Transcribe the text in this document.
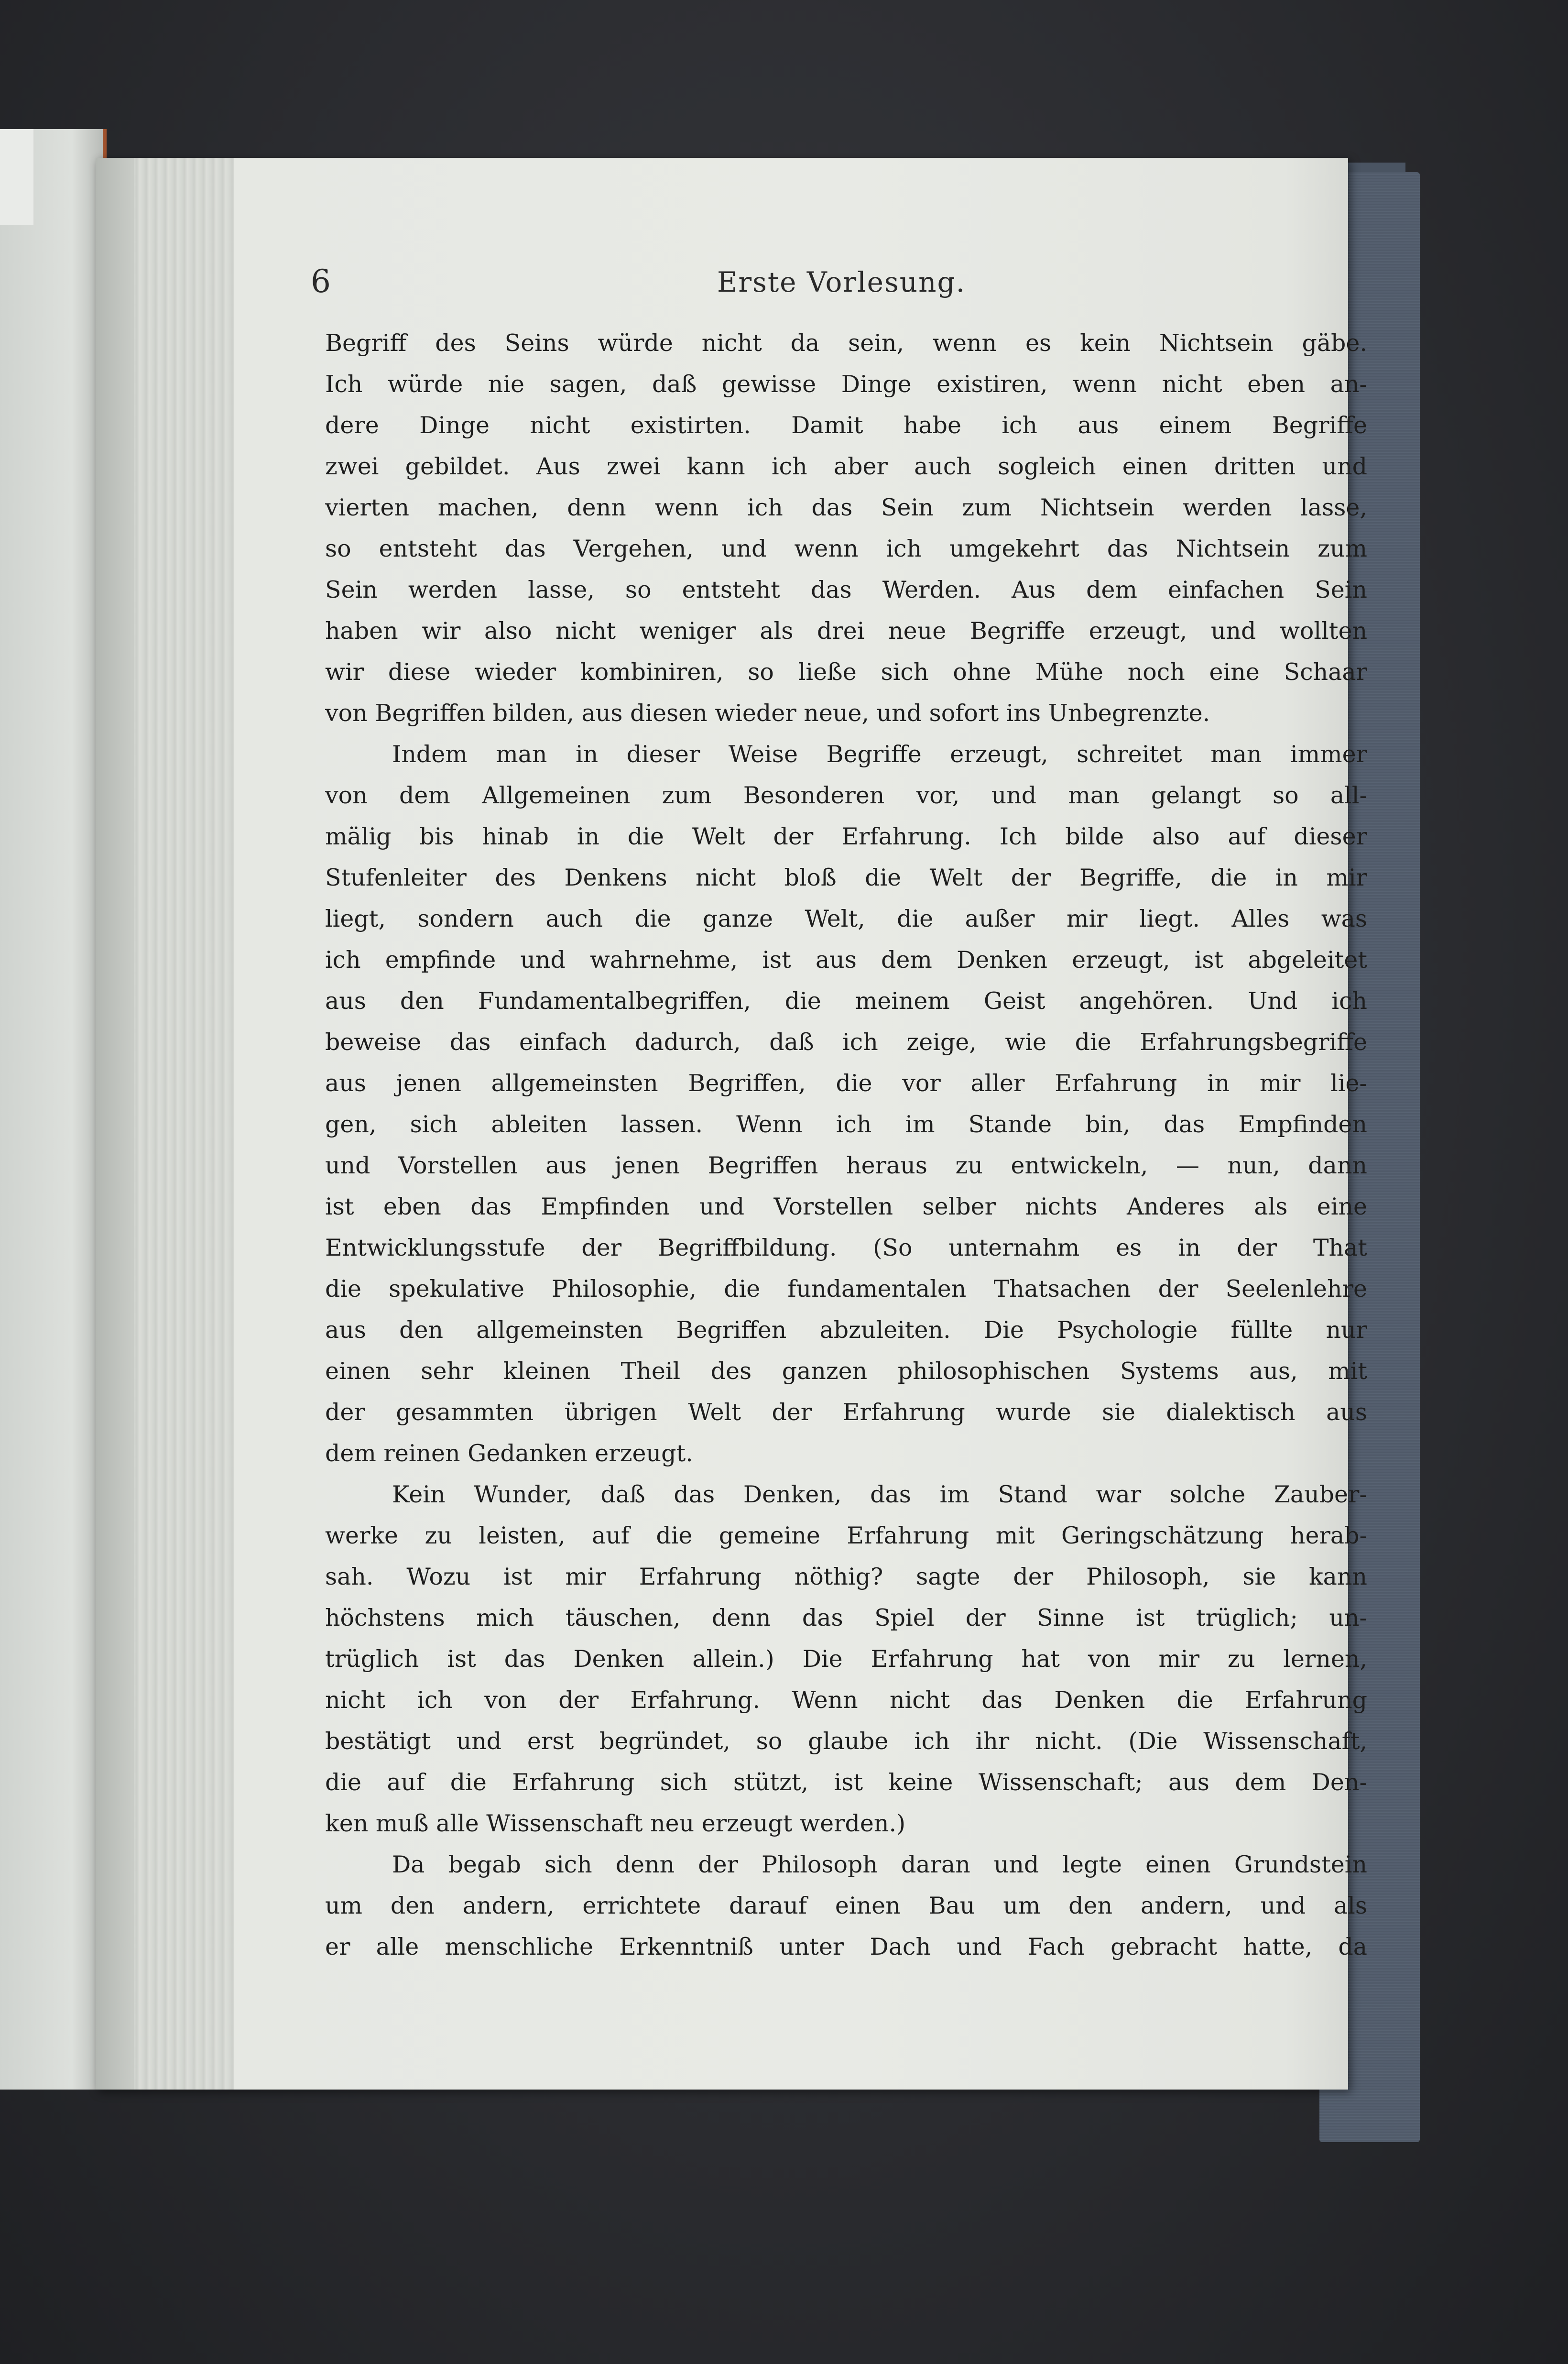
6	Erste Vorlesung.
Begriff des Seins würde nicht da sein, wenn es kein Nichtsein gäbe.
Ich würde nie sagen, daß gewisse Dinge existiren, wenn nicht eben an-
dere Dinge nicht existirten. Damit habe ich aus einem Begriffe
zwei gebildet. Aus zwei kann ich aber auch sogleich einen dritten und
vierten machen, denn wenn ich das Sein zum Nichtsein werden lasse,
so entsteht das Vergehen, und wenn ich umgekehrt das Nichtsein zum
Sein werden lasse, so entsteht das Werden. Aus dem einfachen Sein
haben wir also nicht weniger als drei neue Begriffe erzeugt, und wollten
wir diese wieder kombiniren, so ließe sich ohne Mühe noch eine Schaar
von Begriffen bilden, aus diesen wieder neue, und sofort ins Unbegrenzte.
Indem man in dieser Weise Begriffe erzeugt, schreitet man immer
von dem Allgemeinen zum Besonderen vor, und man gelangt so all-
mälig bis hinab in die Welt der Erfahrung. Ich bilde also auf dieser
Stufenleiter des Denkens nicht bloß die Welt der Begriffe, die in mir
liegt, sondern auch die ganze Welt, die außer mir liegt. Alles was
ich empfinde und wahrnehme, ist aus dem Denken erzeugt, ist abgeleitet
aus den Fundamentalbegriffen, die meinem Geist angehören. Und ich
beweise das einfach dadurch, daß ich zeige, wie die Erfahrungsbegriffe
aus jenen allgemeinsten Begriffen, die vor aller Erfahrung in mir lie-
gen, sich ableiten lassen. Wenn ich im Stande bin, das Empfinden
und Vorstellen aus jenen Begriffen heraus zu entwickeln, — nun, dann
ist eben das Empfinden und Vorstellen selber nichts Anderes als eine
Entwicklungsstufe der Begriffbildung. (So unternahm es in der That
die spekulative Philosophie, die fundamentalen Thatsachen der Seelenlehre
aus den allgemeinsten Begriffen abzuleiten. Die Psychologie füllte nur
einen sehr kleinen Theil des ganzen philosophischen Systems aus, mit
der gesammten übrigen Welt der Erfahrung wurde sie dialektisch aus
dem reinen Gedanken erzeugt.
Kein Wunder, daß das Denken, das im Stand war solche Zauber-
werke zu leisten, auf die gemeine Erfahrung mit Geringschätzung herab-
sah. Wozu ist mir Erfahrung nöthig? sagte der Philosoph, sie kann
höchstens mich täuschen, denn das Spiel der Sinne ist trüglich; un-
trüglich ist das Denken allein.) Die Erfahrung hat von mir zu lernen,
nicht ich von der Erfahrung. Wenn nicht das Denken die Erfahrung
bestätigt und erst begründet, so glaube ich ihr nicht. (Die Wissenschaft,
die auf die Erfahrung sich stützt, ist keine Wissenschaft; aus dem Den-
ken muß alle Wissenschaft neu erzeugt werden.)
Da begab sich denn der Philosoph daran und legte einen Grundstein
um den andern, errichtete darauf einen Bau um den andern, und als
er alle menschliche Erkenntniß unter Dach und Fach gebracht hatte, da
